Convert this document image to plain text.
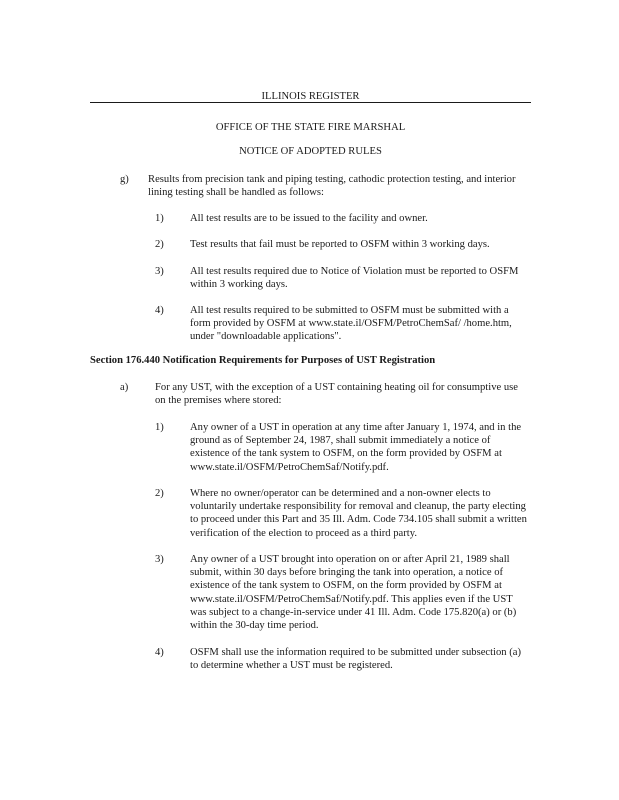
ILLINOIS REGISTER
OFFICE OF THE STATE FIRE MARSHAL
NOTICE OF ADOPTED RULES
g) Results from precision tank and piping testing, cathodic protection testing, and interior lining testing shall be handled as follows:
1) All test results are to be issued to the facility and owner.
2) Test results that fail must be reported to OSFM within 3 working days.
3) All test results required due to Notice of Violation must be reported to OSFM within 3 working days.
4) All test results required to be submitted to OSFM must be submitted with a form provided by OSFM at www.state.il/OSFM/PetroChemSaf/ /home.htm, under "downloadable applications".
Section 176.440 Notification Requirements for Purposes of UST Registration
a)	For any UST, with the exception of a UST containing heating oil for consumptive use on the premises where stored:
1) Any owner of a UST in operation at any time after January 1, 1974, and in the ground as of September 24, 1987, shall submit immediately a notice of existence of the tank system to OSFM, on the form provided by OSFM at www.state.il/OSFM/PetroChemSaf/Notify.pdf.
2) Where no owner/operator can be determined and a non-owner elects to voluntarily undertake responsibility for removal and cleanup, the party electing to proceed under this Part and 35 Ill. Adm. Code 734.105 shall submit a written verification of the election to proceed as a third party.
3) Any owner of a UST brought into operation on or after April 21, 1989 shall submit, within 30 days before bringing the tank into operation, a notice of existence of the tank system to OSFM, on the form provided by OSFM at www.state.il/OSFM/PetroChemSaf/Notify.pdf. This applies even if the UST was subject to a change-in-service under 41 Ill. Adm. Code 175.820(a) or (b) within the 30-day time period.
4) OSFM shall use the information required to be submitted under subsection (a) to determine whether a UST must be registered.
